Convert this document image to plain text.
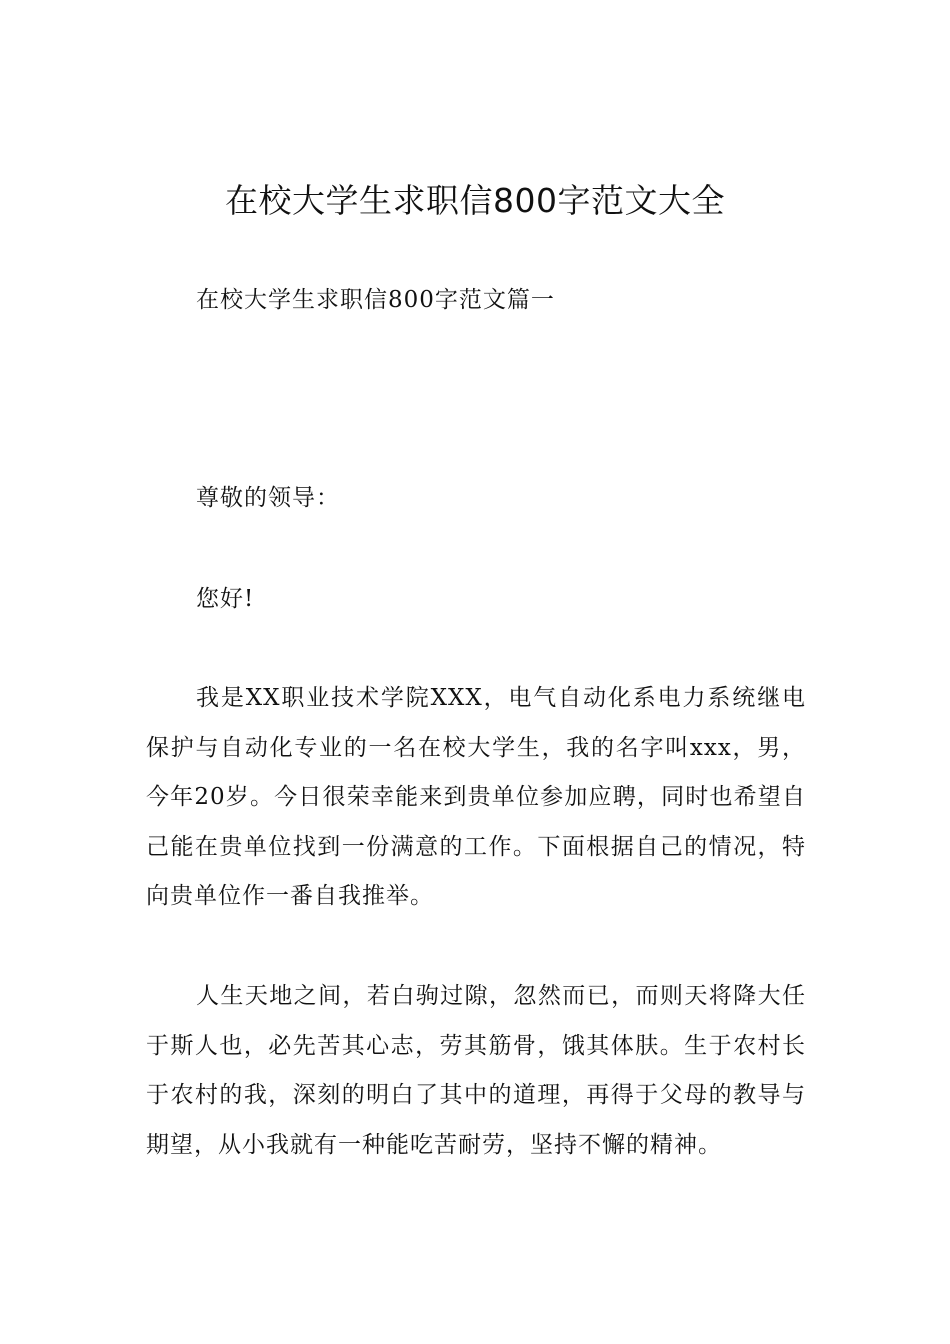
在校大学生求职信800字范文大全
在校大学生求职信800字范文篇一
尊敬的领导：
您好!

我是XX职业技术学院XXX，电气自动化系电力系统继电保护与自动化专业的一名在校大学生，我的名字叫xxx，男，今年20岁。今日很荣幸能来到贵单位参加应聘，同时也希望自己能在贵单位找到一份满意的工作。下面根据自己的情况，特向贵单位作一番自我推举。

人生天地之间，若白驹过隙，忽然而已，而则天将降大任于斯人也，必先苦其心志，劳其筋骨，饿其体肤。生于农村长于农村的我，深刻的明白了其中的道理，再得于父母的教导与期望，从小我就有一种能吃苦耐劳，坚持不懈的精神。
